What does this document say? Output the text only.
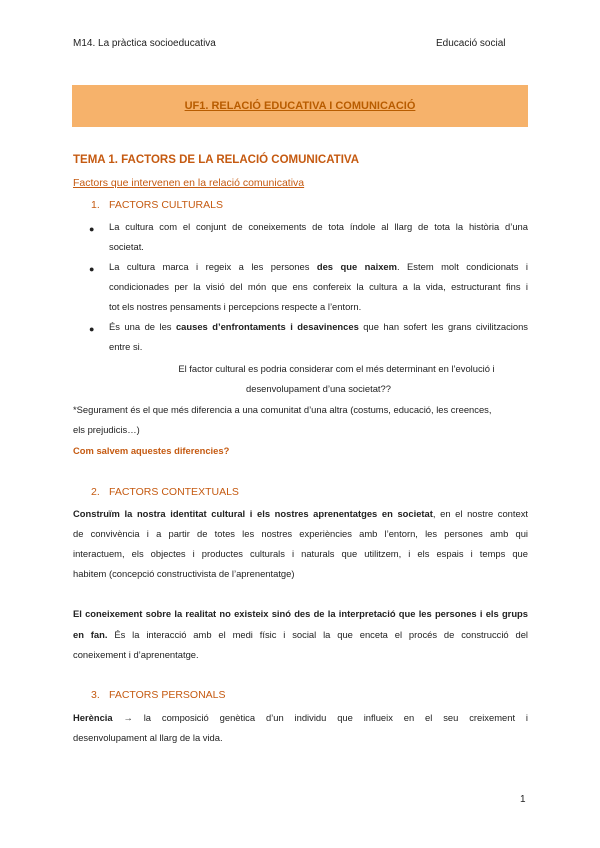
M14. La pràctica socioeducativa	Educació social
UF1. RELACIÓ EDUCATIVA I COMUNICACIÓ
TEMA 1. FACTORS DE LA RELACIÓ COMUNICATIVA
Factors que intervenen en la relació comunicativa
1. FACTORS CULTURALS
● La cultura com el conjunt de coneixements de tota índole al llarg de tota la història d’una
societat.
● La cultura marca i regeix a les persones des que naixem. Estem molt condicionats i
condicionades per la visió del món que ens confereix la cultura a la vida, estructurant fins i
tot els nostres pensaments i percepcions respecte a l’entorn.
● És una de les causes d’enfrontaments i desavinences que han sofert les grans civilitzacions
entre si.
El factor cultural es podria considerar com el més determinant en l’evolució i
desenvolupament d’una societat??
*Segurament és el que més diferencia a una comunitat d’una altra (costums, educació, les creences,
els prejudicis…)
Com salvem aquestes diferencies?
2. FACTORS CONTEXTUALS
Construïm la nostra identitat cultural i els nostres aprenentatges en societat, en el nostre context
de convivència i a partir de totes les nostres experiències amb l’entorn, les persones amb qui
interactuem, els objectes i productes culturals i naturals que utilitzem, i els espais i temps que
habitem (concepció constructivista de l’aprenentatge)
El coneixement sobre la realitat no existeix sinó des de la interpretació que les persones i els grups
en fan. És la interacció amb el medi físic i social la que enceta el procés de construcció del
coneixement i d’aprenentatge.
3. FACTORS PERSONALS
Herència → la composició genètica d’un individu que influeix en el seu creixement i
desenvolupament al llarg de la vida.
1
